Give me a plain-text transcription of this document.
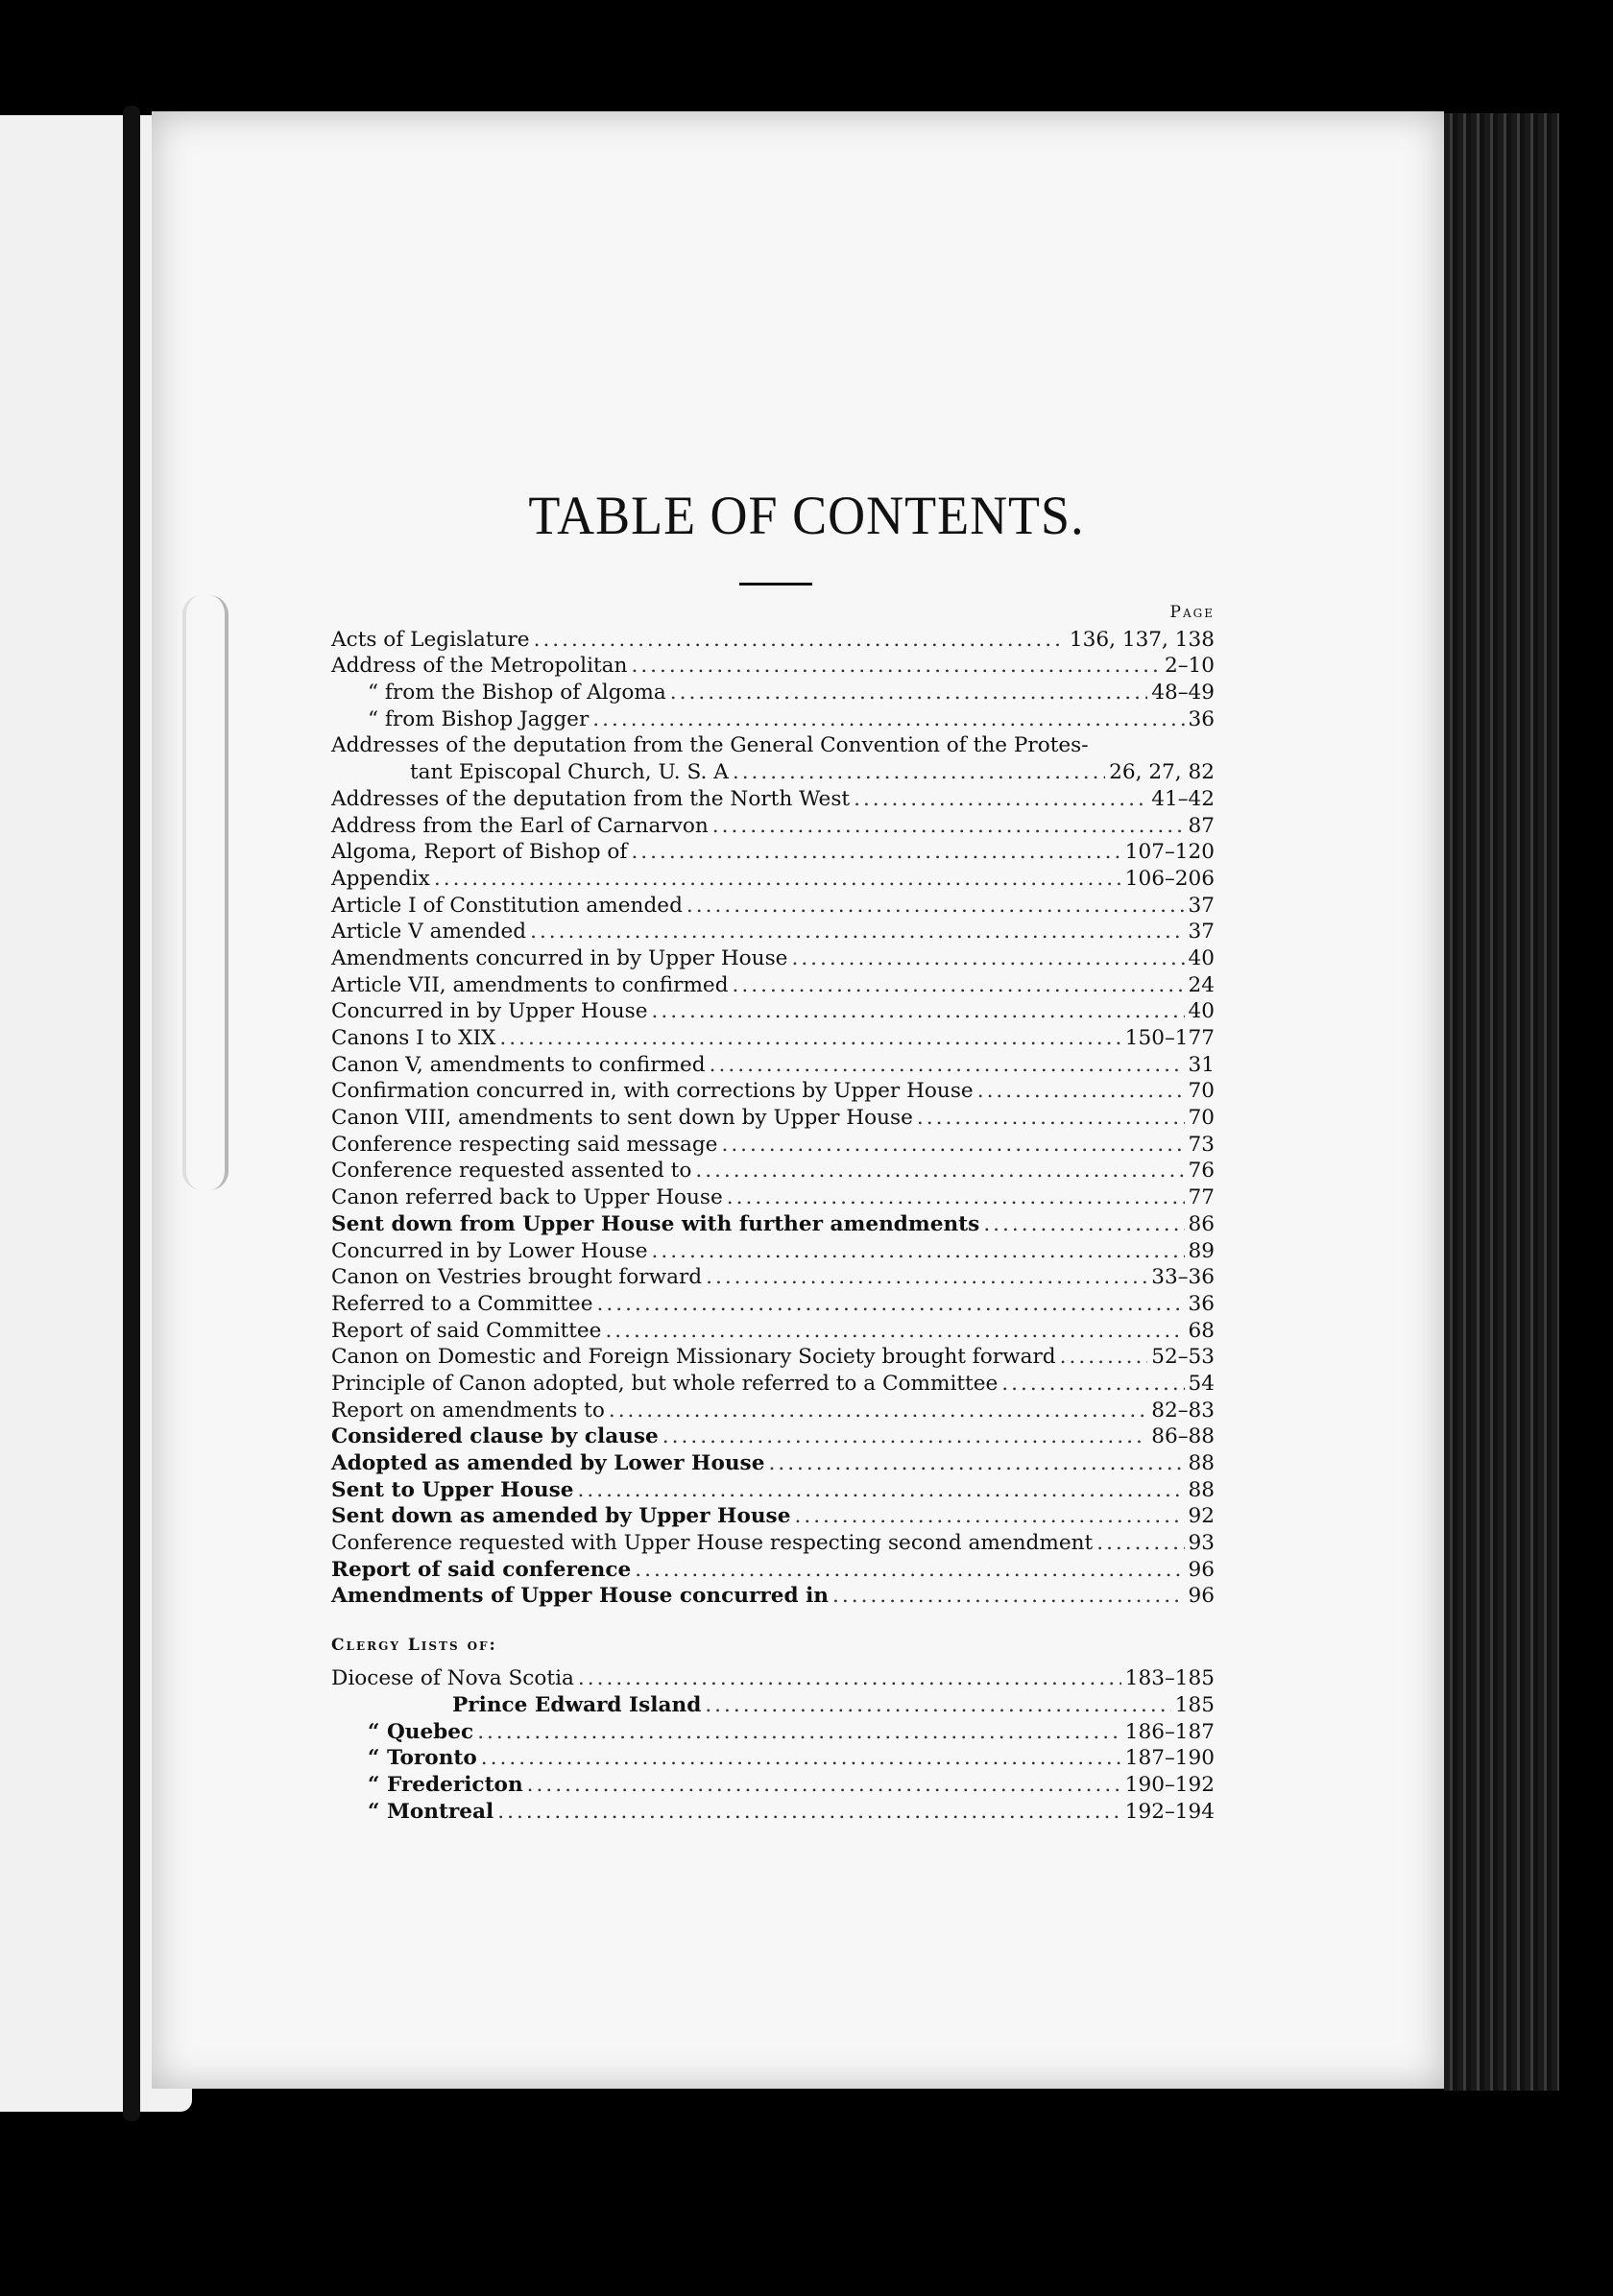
TABLE OF CONTENTS.
Page
Acts of Legislature .....	136, 137, 138
Address of the Metropolitan .....	2–10
“ from the Bishop of Algoma .....	48–49
“ from Bishop Jagger .....	36
Addresses of the deputation from the General Convention of the Protes-
tant Episcopal Church, U. S. A .....	26, 27, 82
Addresses of the deputation from the North West .....	41–42
Address from the Earl of Carnarvon .....	87
Algoma, Report of Bishop of .....	107–120
Appendix .....	106–206
Article I of Constitution amended .....	37
Article V amended .....	37
Amendments concurred in by Upper House .....	40
Article VII, amendments to confirmed .....	24
Concurred in by Upper House .....	40
Canons I to XIX .....	150–177
Canon V, amendments to confirmed .....	31
Confirmation concurred in, with corrections by Upper House .....	70
Canon VIII, amendments to sent down by Upper House .....	70
Conference respecting said message .....	73
Conference requested assented to .....	76
Canon referred back to Upper House .....	77
Sent down from Upper House with further amendments .....	86
Concurred in by Lower House .....	89
Canon on Vestries brought forward .....	33–36
Referred to a Committee .....	36
Report of said Committee .....	68
Canon on Domestic and Foreign Missionary Society brought forward .....	52–53
Principle of Canon adopted, but whole referred to a Committee .....	54
Report on amendments to .....	82–83
Considered clause by clause .....	86–88
Adopted as amended by Lower House .....	88
Sent to Upper House .....	88
Sent down as amended by Upper House .....	92
Conference requested with Upper House respecting second amendment .....	93
Report of said conference .....	96
Amendments of Upper House concurred in .....	96
Clergy Lists of:
Diocese of Nova Scotia .....	183–185
Prince Edward Island .....	185
“ Quebec .....	186–187
“ Toronto .....	187–190
“ Fredericton .....	190–192
“ Montreal .....	192–194
